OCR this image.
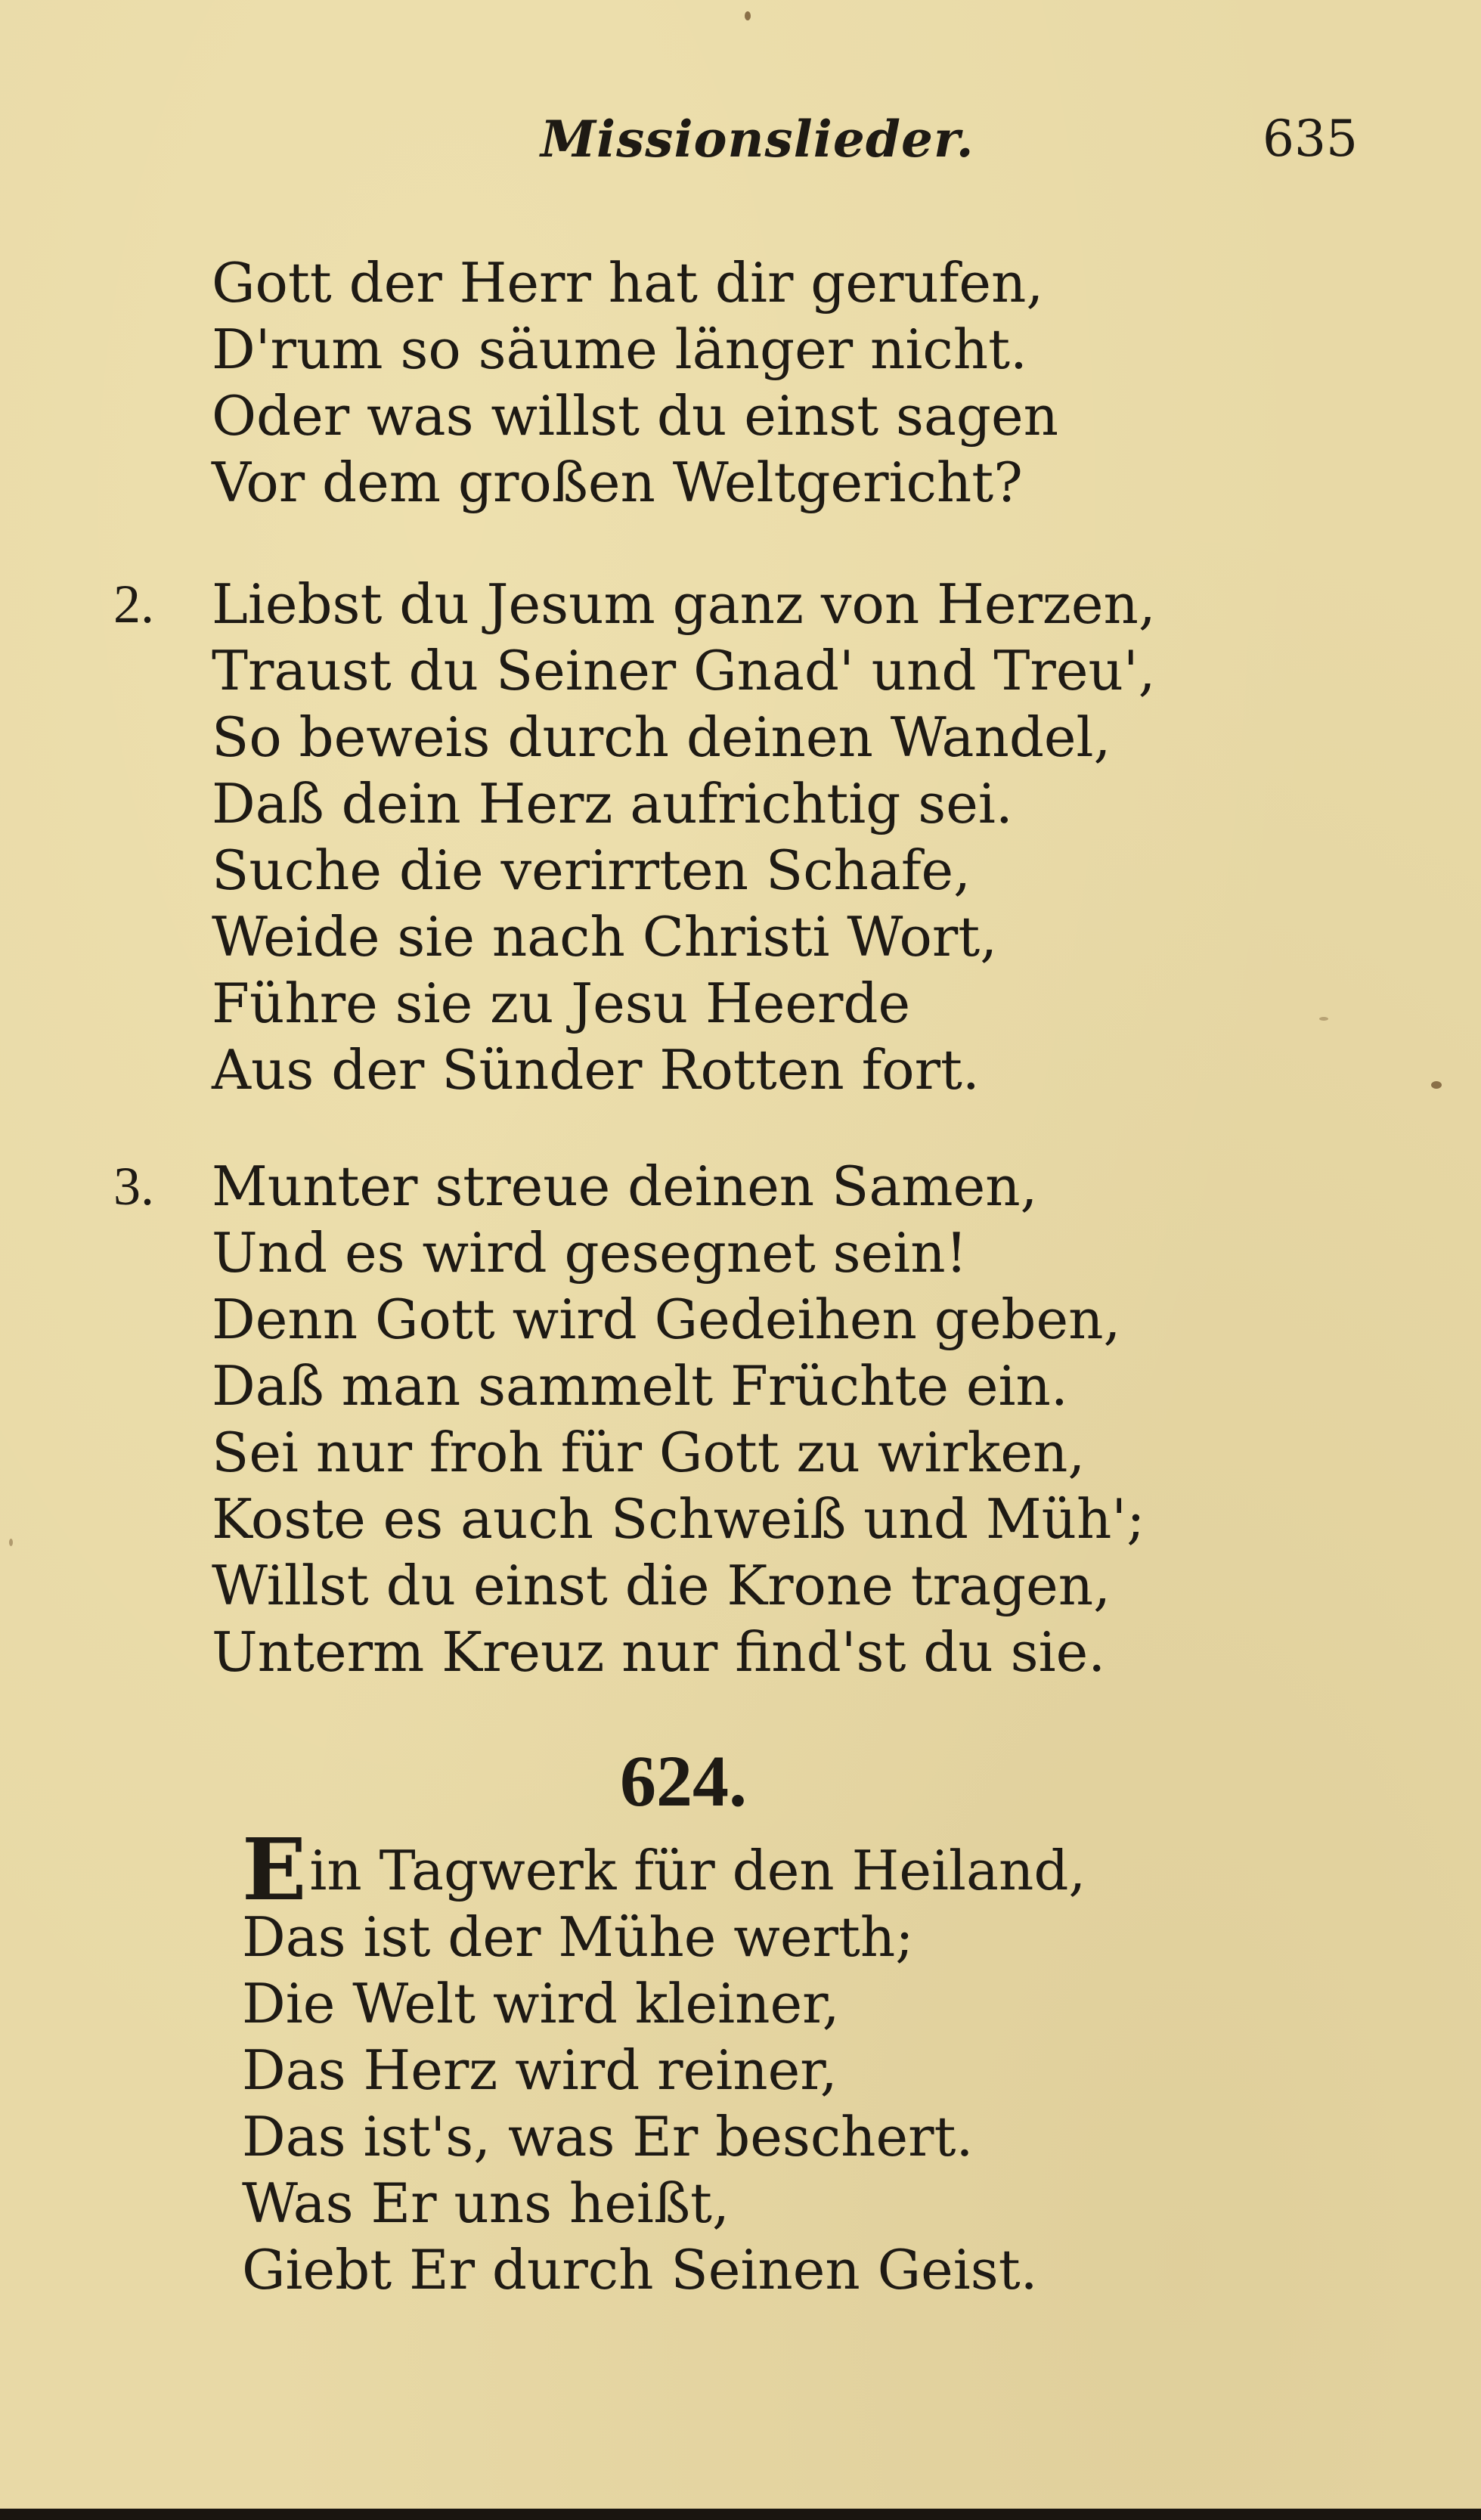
Missionslieder.	635
Gott der Herr hat dir gerufen,
D'rum so säume länger nicht.
Oder was willst du einst sagen
Vor dem großen Weltgericht?
2.	Liebst du Jesum ganz von Herzen,
Traust du Seiner Gnad' und Treu',
So beweis durch deinen Wandel,
Daß dein Herz aufrichtig sei.
Suche die verirrten Schafe,
Weide sie nach Christi Wort,
Führe sie zu Jesu Heerde
Aus der Sünder Rotten fort.
3.	Munter streue deinen Samen,
Und es wird gesegnet sein!
Denn Gott wird Gedeihen geben,
Daß man sammelt Früchte ein.
Sei nur froh für Gott zu wirken,
Koste es auch Schweiß und Müh';
Willst du einst die Krone tragen,
Unterm Kreuz nur find'st du sie.
624.
E in Tagwerk für den Heiland,
Das ist der Mühe werth;
Die Welt wird kleiner,
Das Herz wird reiner,
Das ist's, was Er beschert.
Was Er uns heißt,
Giebt Er durch Seinen Geist.
